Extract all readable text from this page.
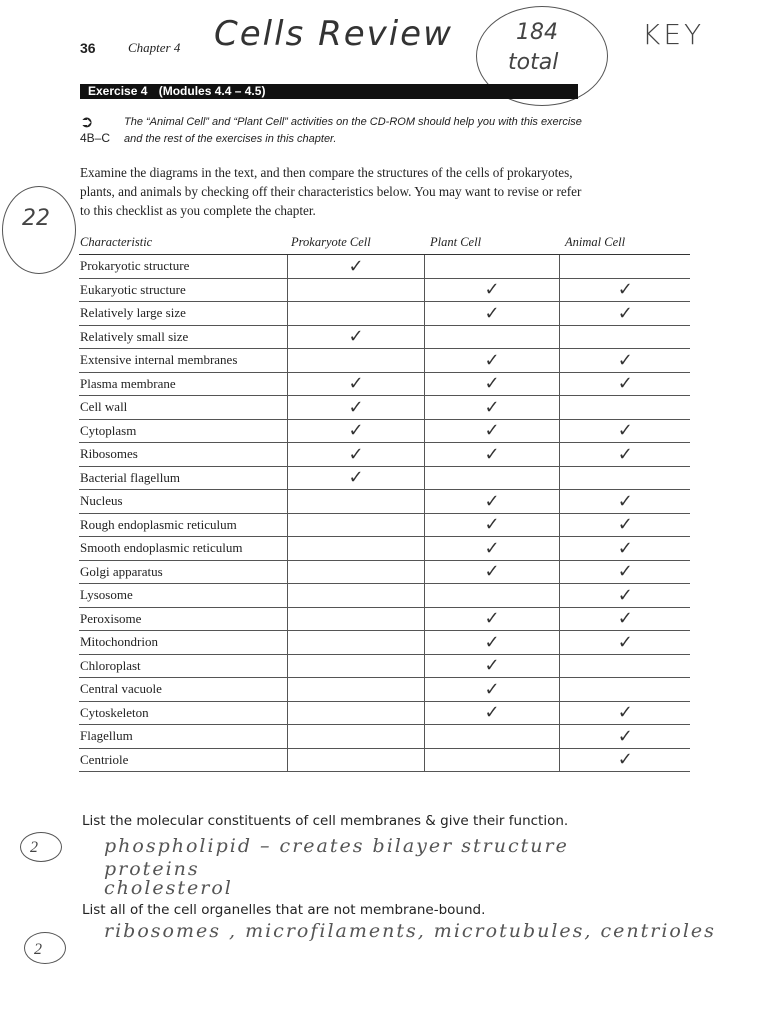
36 Chapter 4 Cells Review	184
total
KEY
Exercise 4 (Modules 4.4 – 4.5)
➲
4B–C
The “Animal Cell” and “Plant Cell” activities on the CD-ROM should help you with this exercise and the rest of the exercises in this chapter.
Examine the diagrams in the text, and then compare the structures of the cells of prokaryotes, plants, and animals by checking off their characteristics below. You may want to revise or refer to this checklist as you complete the chapter.
22
Characteristic	Prokaryote Cell	Plant Cell	Animal Cell
Prokaryotic structure	✓		
Eukaryotic structure		✓	✓
Relatively large size		✓	✓
Relatively small size	✓		
Extensive internal membranes		✓	✓
Plasma membrane	✓	✓	✓
Cell wall	✓	✓	
Cytoplasm	✓	✓	✓
Ribosomes	✓	✓	✓
Bacterial flagellum	✓		
Nucleus		✓	✓
Rough endoplasmic reticulum		✓	✓
Smooth endoplasmic reticulum		✓	✓
Golgi apparatus		✓	✓
Lysosome			✓
Peroxisome		✓	✓
Mitochondrion		✓	✓
Chloroplast		✓	
Central vacuole		✓	
Cytoskeleton		✓	✓
Flagellum			✓
Centriole			✓
List the molecular constituents of cell membranes & give their function.
2	phospholipid – creates bilayer structure
proteins
cholesterol
List all of the cell organelles that are not membrane-bound.
2
ribosomes , microfilaments, microtubules, centrioles
